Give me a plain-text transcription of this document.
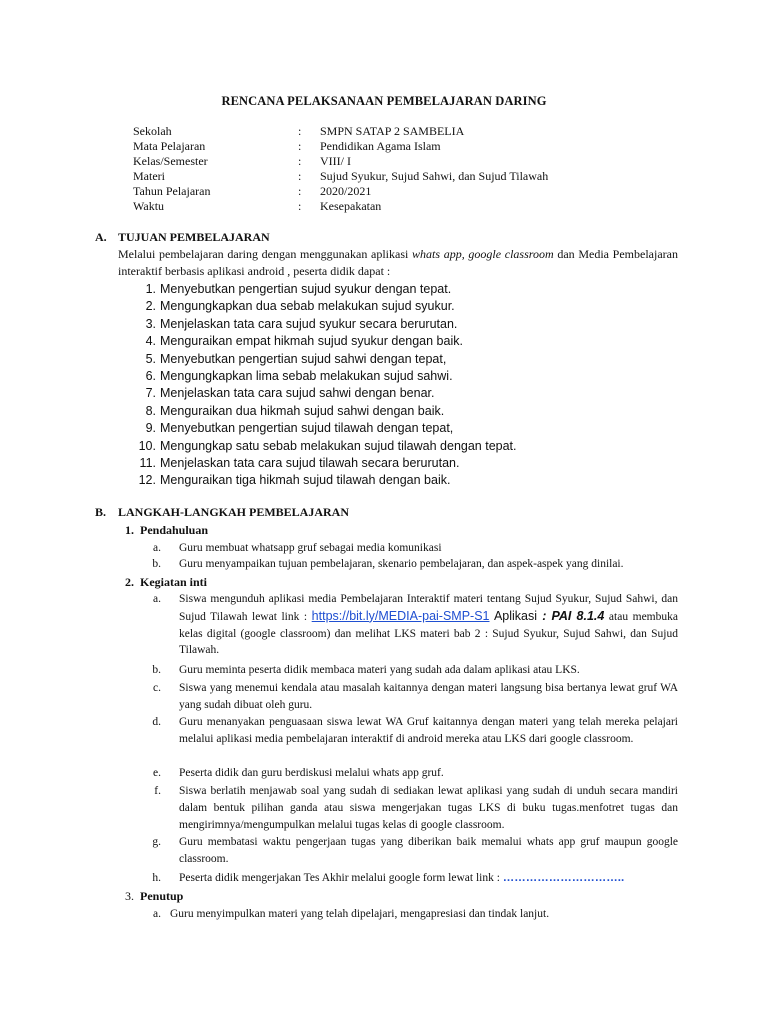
RENCANA PELAKSANAAN PEMBELAJARAN DARING
Sekolah	: SMPN SATAP 2 SAMBELIA
Mata Pelajaran	: Pendidikan Agama Islam
Kelas/Semester	: VIII/ I
Materi	: Sujud Syukur, Sujud Sahwi, dan Sujud Tilawah
Tahun Pelajaran	: 2020/2021
Waktu	: Kesepakatan
A. TUJUAN PEMBELAJARAN
Melalui pembelajaran daring dengan menggunakan aplikasi whats app, google classroom dan Media Pembelajaran interaktif berbasis aplikasi android , peserta didik dapat :
1. Menyebutkan pengertian sujud syukur dengan tepat.
2. Mengungkapkan dua sebab melakukan sujud syukur.
3. Menjelaskan tata cara sujud syukur secara berurutan.
4. Menguraikan empat hikmah sujud syukur dengan baik.
5. Menyebutkan pengertian sujud sahwi dengan tepat,
6. Mengungkapkan lima sebab melakukan sujud sahwi.
7. Menjelaskan tata cara sujud sahwi dengan benar.
8. Menguraikan dua hikmah sujud sahwi dengan baik.
9. Menyebutkan pengertian sujud tilawah dengan tepat,
10. Mengungkap satu sebab melakukan sujud tilawah dengan tepat.
11. Menjelaskan tata cara sujud tilawah secara berurutan.
12. Menguraikan tiga hikmah sujud tilawah dengan baik.
B. LANGKAH-LANGKAH PEMBELAJARAN
1. Pendahuluan
a. Guru membuat whatsapp gruf sebagai media komunikasi
b. Guru menyampaikan tujuan pembelajaran, skenario pembelajaran, dan aspek-aspek yang dinilai.
2. Kegiatan inti
a. Siswa mengunduh aplikasi media Pembelajaran Interaktif materi tentang Sujud Syukur, Sujud Sahwi, dan Sujud Tilawah lewat link : https://bit.ly/MEDIA-pai-SMP-S1 Aplikasi : PAI 8.1.4 atau membuka kelas digital (google classroom) dan melihat LKS materi bab 2 : Sujud Syukur, Sujud Sahwi, dan Sujud Tilawah.
b. Guru meminta peserta didik membaca materi yang sudah ada dalam aplikasi atau LKS.
c. Siswa yang menemui kendala atau masalah kaitannya dengan materi langsung bisa bertanya lewat gruf WA yang sudah dibuat oleh guru.
d. Guru menanyakan penguasaan siswa lewat WA Gruf kaitannya dengan materi yang telah mereka pelajari melalui aplikasi media pembelajaran interaktif di android mereka atau LKS dari google classroom.
e. Peserta didik dan guru berdiskusi melalui whats app gruf.
f. Siswa berlatih menjawab soal yang sudah di sediakan lewat aplikasi yang sudah di unduh secara mandiri dalam bentuk pilihan ganda atau siswa mengerjakan tugas LKS di buku tugas.menfotret tugas dan mengirimnya/mengumpulkan melalui tugas kelas di google classroom.
g. Guru membatasi waktu pengerjaan tugas yang diberikan baik memalui whats app gruf maupun google classroom.
h. Peserta didik mengerjakan Tes Akhir melalui google form lewat link : …………………………..
3. Penutup
a. Guru menyimpulkan materi yang telah dipelajari, mengapresiasi dan tindak lanjut.
